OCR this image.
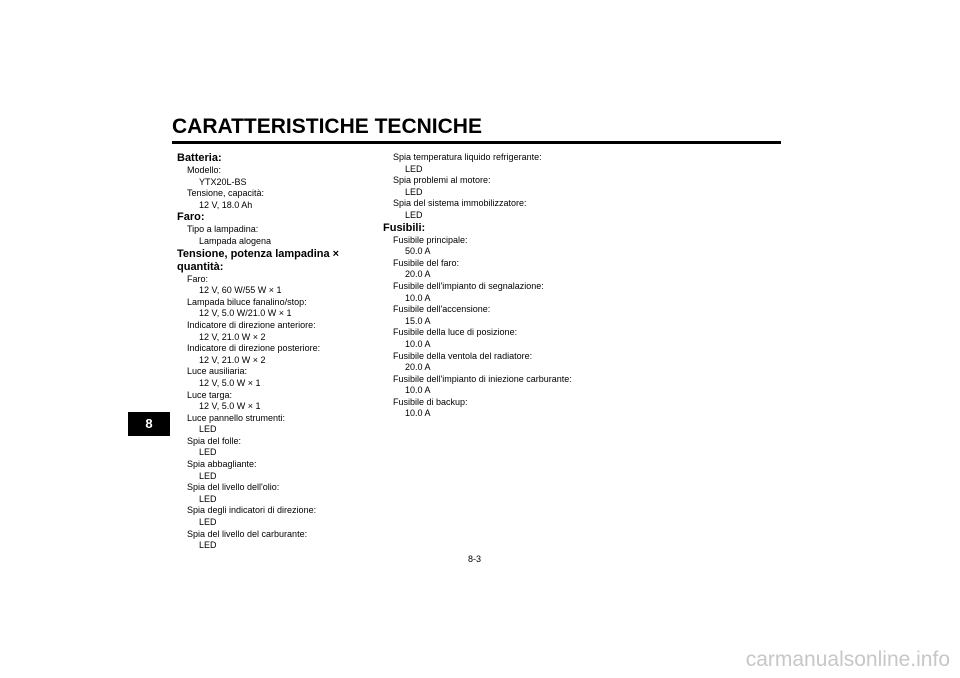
CARATTERISTICHE TECNICHE
8
Batteria:
Modello:
YTX20L-BS
Tensione, capacità:
12 V, 18.0 Ah
Faro:
Tipo a lampadina:
Lampada alogena
Tensione, potenza lampadina × quantità:
Faro:
12 V, 60 W/55 W × 1
Lampada biluce fanalino/stop:
12 V, 5.0 W/21.0 W × 1
Indicatore di direzione anteriore:
12 V, 21.0 W × 2
Indicatore di direzione posteriore:
12 V, 21.0 W × 2
Luce ausiliaria:
12 V, 5.0 W × 1
Luce targa:
12 V, 5.0 W × 1
Luce pannello strumenti:
LED
Spia del folle:
LED
Spia abbagliante:
LED
Spia del livello dell'olio:
LED
Spia degli indicatori di direzione:
LED
Spia del livello del carburante:
LED
Spia temperatura liquido refrigerante:
LED
Spia problemi al motore:
LED
Spia del sistema immobilizzatore:
LED
Fusibili:
Fusibile principale:
50.0 A
Fusibile del faro:
20.0 A
Fusibile dell'impianto di segnalazione:
10.0 A
Fusibile dell'accensione:
15.0 A
Fusibile della luce di posizione:
10.0 A
Fusibile della ventola del radiatore:
20.0 A
Fusibile dell'impianto di iniezione carburante:
10.0 A
Fusibile di backup:
10.0 A
8-3
carmanualsonline.info
